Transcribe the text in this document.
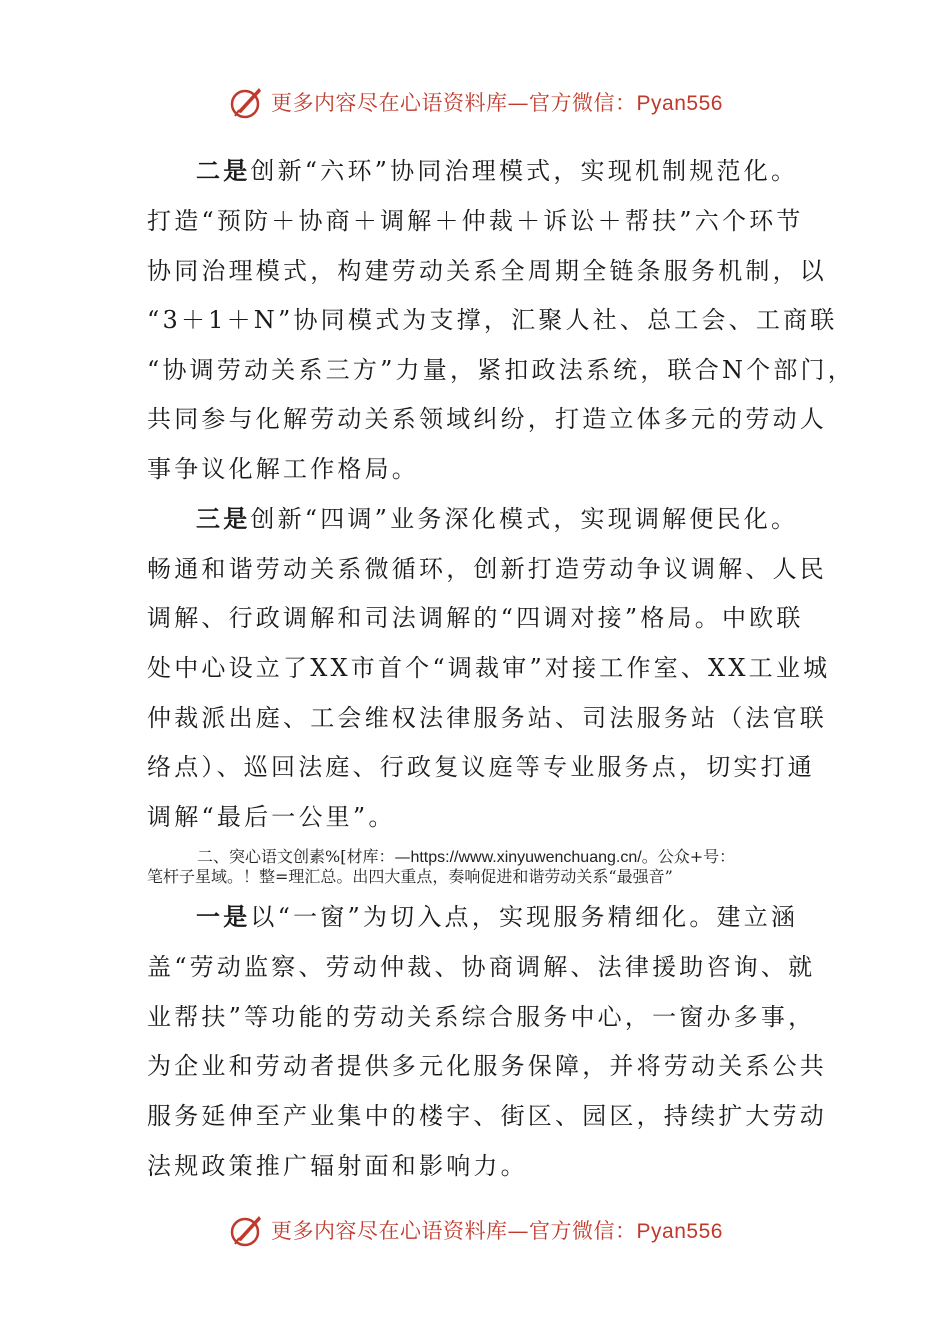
更多内容尽在心语资料库—官方微信：Pyan556
二是创新“六环”协同治理模式，实现机制规范化。
打造“预防＋协商＋调解＋仲裁＋诉讼＋帮扶”六个环节
协同治理模式，构建劳动关系全周期全链条服务机制，以
“3＋1＋N”协同模式为支撑，汇聚人社、总工会、工商联
“协调劳动关系三方”力量，紧扣政法系统，联合N个部门，
共同参与化解劳动关系领域纠纷，打造立体多元的劳动人
事争议化解工作格局。
三是创新“四调”业务深化模式，实现调解便民化。
畅通和谐劳动关系微循环，创新打造劳动争议调解、人民
调解、行政调解和司法调解的“四调对接”格局。中欧联
处中心设立了XX市首个“调裁审”对接工作室、XX工业城
仲裁派出庭、工会维权法律服务站、司法服务站（法官联
络点）、巡回法庭、行政复议庭等专业服务点，切实打通
调解“最后一公里”。
二、突心语文创素%[材库：—https://www.xinyuwenchuang.cn/。公众+号：
笔杆子星域。！整=理汇总。出四大重点，奏响促进和谐劳动关系“最强音”
一是以“一窗”为切入点，实现服务精细化。建立涵
盖“劳动监察、劳动仲裁、协商调解、法律援助咨询、就
业帮扶”等功能的劳动关系综合服务中心，一窗办多事，
为企业和劳动者提供多元化服务保障，并将劳动关系公共
服务延伸至产业集中的楼宇、街区、园区，持续扩大劳动
法规政策推广辐射面和影响力。
更多内容尽在心语资料库—官方微信：Pyan556
